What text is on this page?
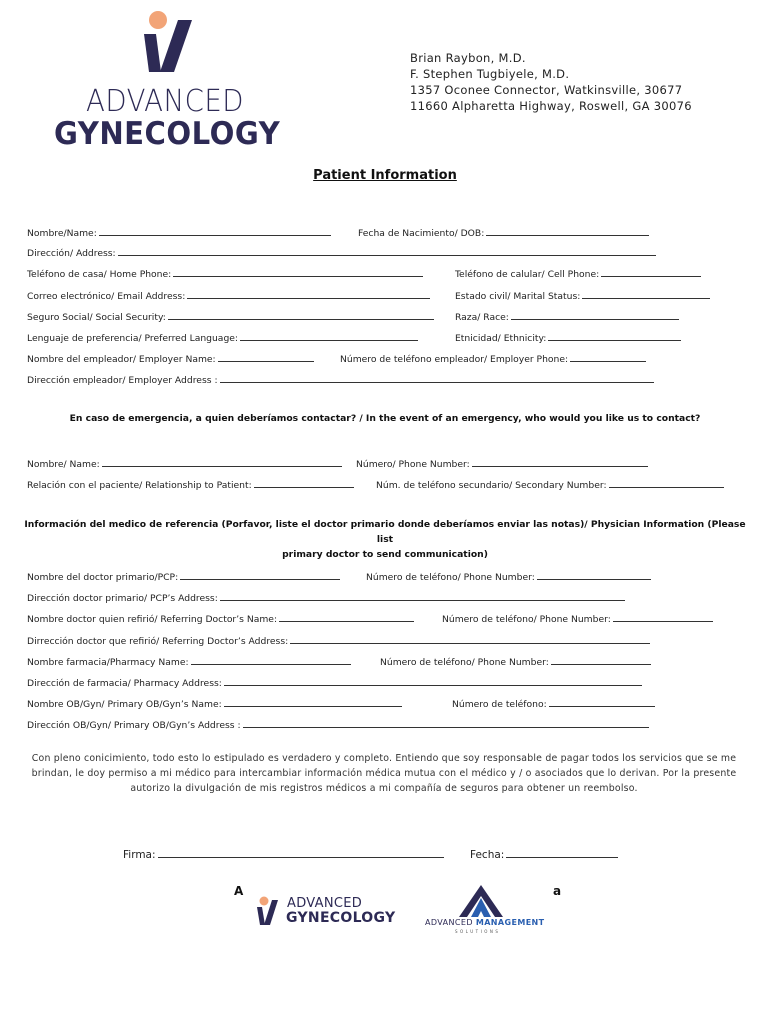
ADVANCED
GYNECOLOGY
Brian Raybon, M.D.
F. Stephen Tugbiyele, M.D.
1357 Oconee Connector, Watkinsville, 30677
11660 Alpharetta Highway, Roswell, GA 30076
Patient Information
Nombre/Name:	Fecha de Nacimiento/ DOB:
Dirección/ Address:
Teléfono de casa/ Home Phone:	Teléfono de calular/ Cell Phone:
Correo electrónico/ Email Address:	Estado civil/ Marital Status:
Seguro Social/ Social Security:	Raza/ Race:
Lenguaje de preferencia/ Preferred Language:	Etnicidad/ Ethnicity:
Nombre del empleador/ Employer Name:	Número de teléfono empleador/ Employer Phone:
Dirección empleador/ Employer Address :
En caso de emergencia, a quien deberíamos contactar? / In the event of an emergency, who would you like us to contact?
Nombre/ Name:	Número/ Phone Number:
Relación con el paciente/ Relationship to Patient:	Núm. de teléfono secundario/ Secondary Number:
Información del medico de referencia (Porfavor, liste el doctor primario donde deberíamos enviar las notas)/ Physician Information (Please list
primary doctor to send communication)
Nombre del doctor primario/PCP:	Número de teléfono/ Phone Number:
Dirección doctor primario/ PCP’s Address:
Nombre doctor quien refirió/ Referring Doctor’s Name:	Número de teléfono/ Phone Number:
Dirrección doctor que refirió/ Referring Doctor’s Address:
Nombre farmacia/Pharmacy Name:	Número de teléfono/ Phone Number:
Dirección de farmacia/ Pharmacy Address:
Nombre OB/Gyn/ Primary OB/Gyn’s Name:	Número de teléfono:
Dirección OB/Gyn/ Primary OB/Gyn’s Address :
Con pleno conicimiento, todo esto lo estipulado es verdadero y completo. Entiendo que soy responsable de pagar todos los servicios que se me
brindan, le doy permiso a mi médico para intercambiar información médica mutua con el médico y / o asociados que lo derivan. Por la presente
autorizo la divulgación de mis registros médicos a mi compañía de seguros para obtener un reembolso.
Firma:	Fecha:
A	a
ADVANCED
GYNECOLOGY	ADVANCED MANAGEMENT
SOLUTIONS
